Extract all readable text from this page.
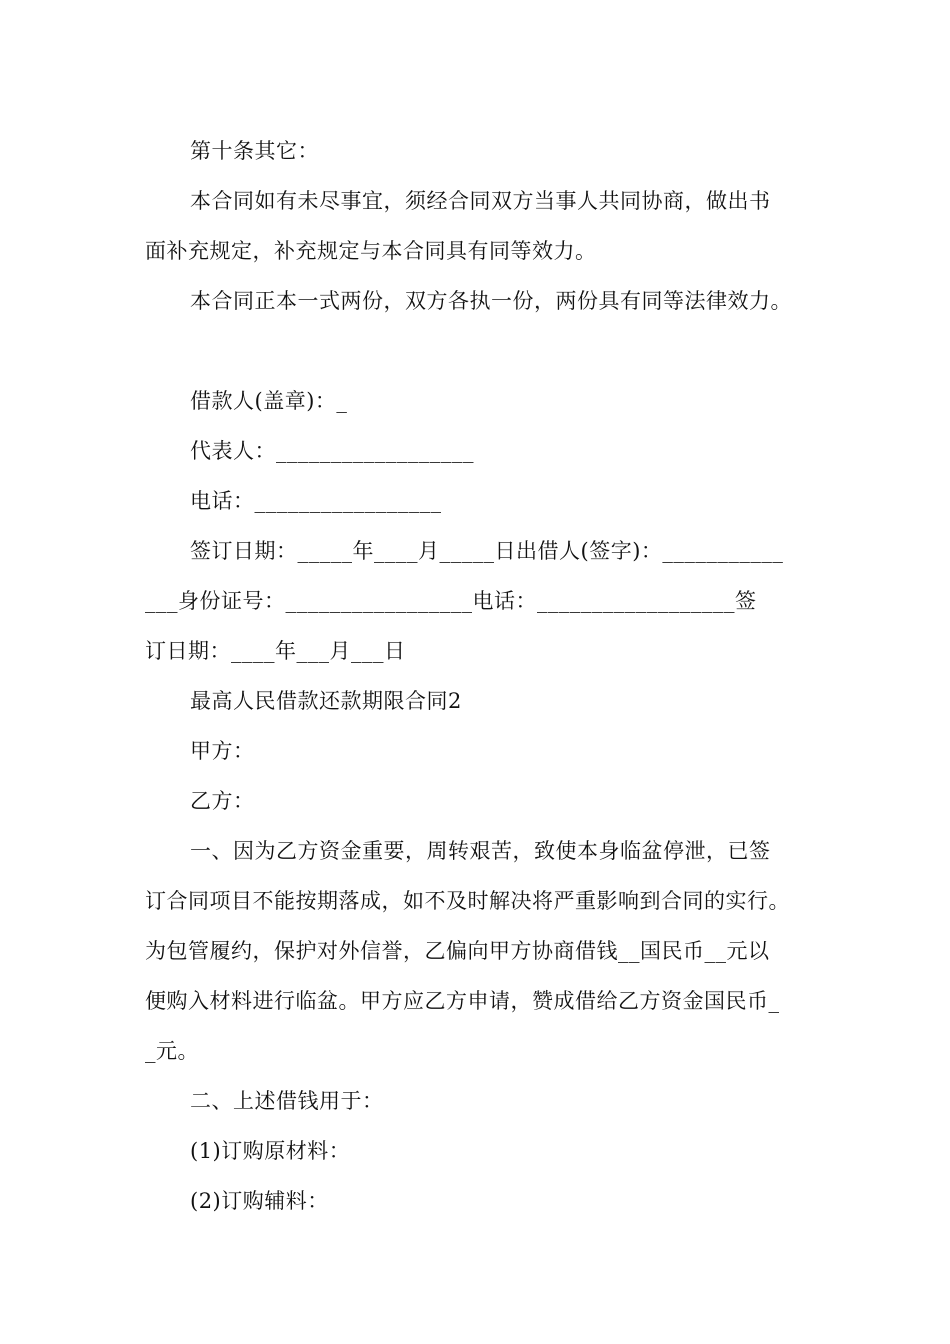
第十条其它：
本合同如有未尽事宜，须经合同双方当事人共同协商，做出书
面补充规定，补充规定与本合同具有同等效力。
本合同正本一式两份，双方各执一份，两份具有同等法律效力。
借款人(盖章)：_
代表人：__________________
电话：_________________
签订日期：_____年____月_____日出借人(签字)：___________
___身份证号：_________________电话：__________________签
订日期：____年___月___日
最高人民借款还款期限合同2
甲方：
乙方：
一、因为乙方资金重要，周转艰苦，致使本身临盆停泄，已签
订合同项目不能按期落成，如不及时解决将严重影响到合同的实行。
为包管履约，保护对外信誉，乙偏向甲方协商借钱__国民币__元以
便购入材料进行临盆。甲方应乙方申请，赞成借给乙方资金国民币_
_元。
二、上述借钱用于：
(1)订购原材料：
(2)订购辅料：
